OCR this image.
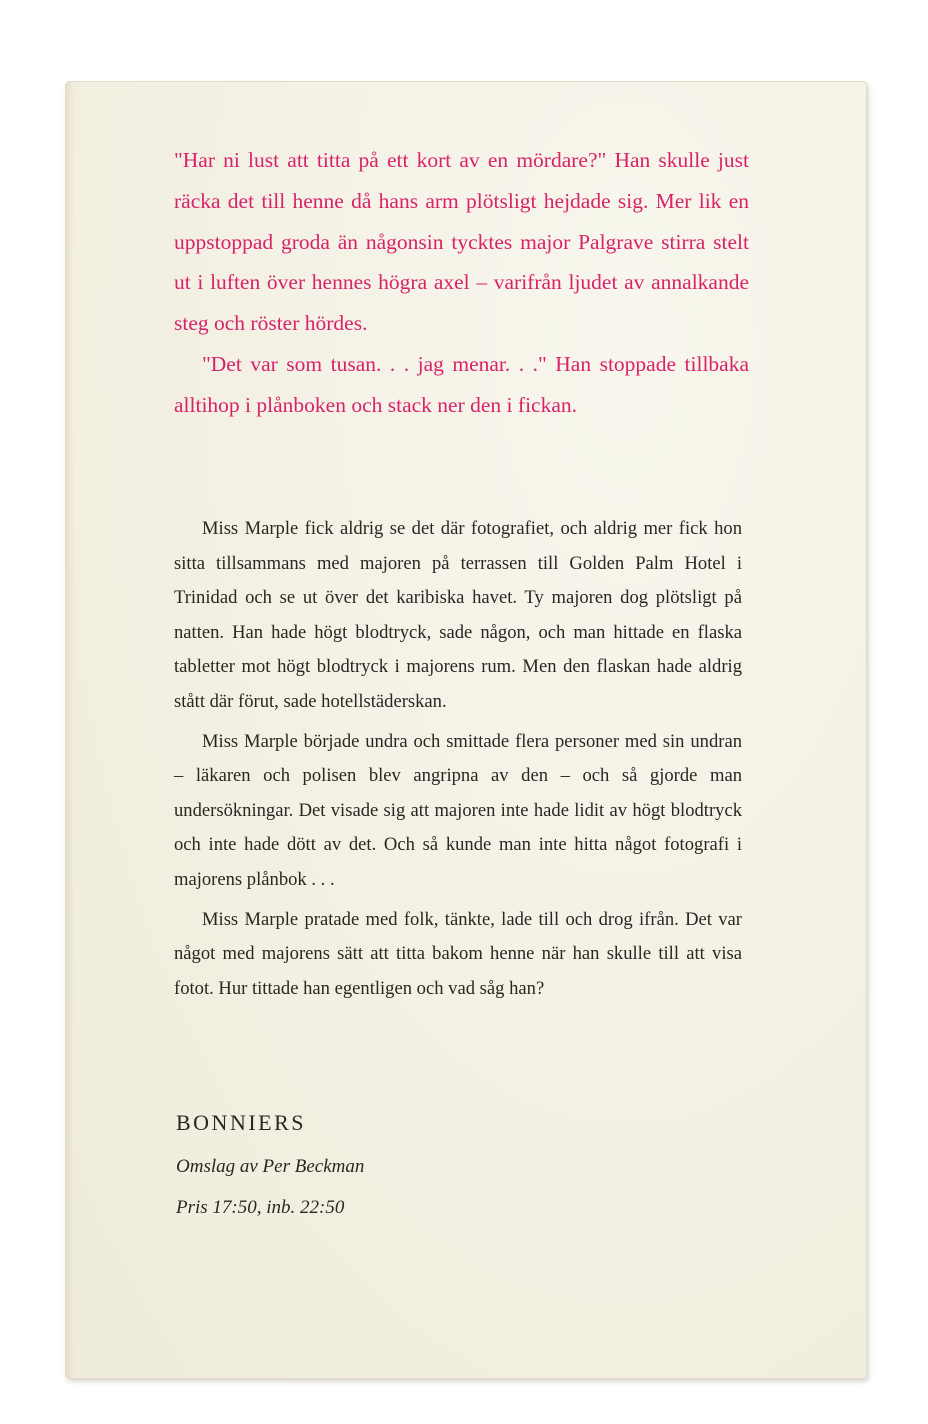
"Har ni lust att titta på ett kort av en mördare?" Han skulle just räcka det till henne då hans arm plötsligt hejdade sig. Mer lik en uppstoppad groda än någonsin tycktes major Palgrave stirra stelt ut i luften över hennes högra axel – varifrån ljudet av annalkande steg och röster hördes.

"Det var som tusan. . . jag menar. . ." Han stoppade tillbaka alltihop i plånboken och stack ner den i fickan.

Miss Marple fick aldrig se det där fotografiet, och aldrig mer fick hon sitta tillsammans med majoren på terrassen till Golden Palm Hotel i Trinidad och se ut över det karibiska havet. Ty majoren dog plötsligt på natten. Han hade högt blodtryck, sade någon, och man hittade en flaska tabletter mot högt blodtryck i majorens rum. Men den flaskan hade aldrig stått där förut, sade hotellstäderskan.

Miss Marple började undra och smittade flera personer med sin undran – läkaren och polisen blev angripna av den – och så gjorde man undersökningar. Det visade sig att majoren inte hade lidit av högt blodtryck och inte hade dött av det. Och så kunde man inte hitta något fotografi i majorens plånbok . . .

Miss Marple pratade med folk, tänkte, lade till och drog ifrån. Det var något med majorens sätt att titta bakom henne när han skulle till att visa fotot. Hur tittade han egentligen och vad såg han?

BONNIERS
Omslag av Per Beckman
Pris 17:50, inb. 22:50
